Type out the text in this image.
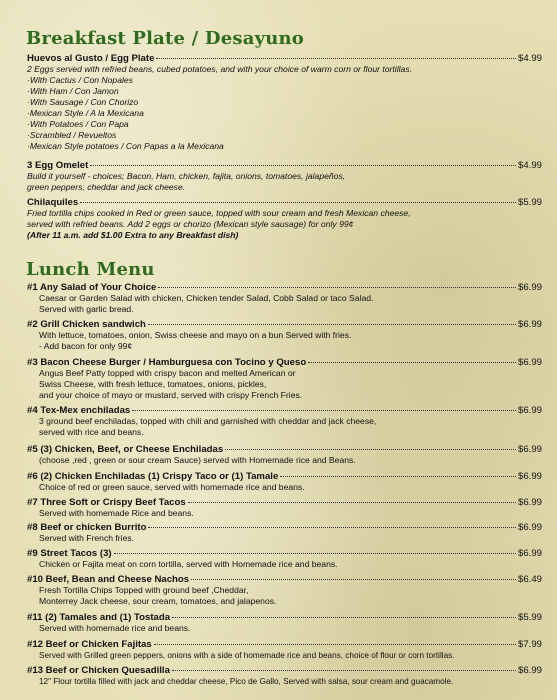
Breakfast Plate / Desayuno
Huevos al Gusto / Egg Plate	$4.99
2 Eggs served with refried beans, cubed potatoes, and with your choice of warm corn or flour tortillas.
·With Cactus / Con Nopales
·With Ham / Con Jamon
·With Sausage / Con Chorizo
·Mexican Style / A la Mexicana
·With Potatoes / Con Papa
·Scrambled / Revueltos
·Mexican Style potatoes / Con Papas a la Mexicana
3 Egg Omelet	$4.99
Build it yourself - choices; Bacon, Ham, chicken, fajita, onions, tomatoes, jalapeños,
green peppers, cheddar and jack cheese.
Chilaquiles	$5.99
Fried tortilla chips cooked in Red or green sauce, topped with sour cream and fresh Mexican cheese,
served with refried beans. Add 2 eggs or chorizo (Mexican style sausage) for only 99¢
(After 11 a.m. add $1.00 Extra to any Breakfast dish)
Lunch Menu
#1 Any Salad of Your Choice	$6.99
Caesar or Garden Salad with chicken, Chicken tender Salad, Cobb Salad or taco Salad.
Served with garlic bread.
#2 Grill Chicken sandwich	$6.99
With lettuce, tomatoes, onion, Swiss cheese and mayo on a bun Served with fries.
- Add bacon for only 99¢
#3 Bacon Cheese Burger / Hamburguesa con Tocino y Queso	$6.99
Angus Beef Patty topped with crispy bacon and melted American or
Swiss Cheese, with fresh lettuce, tomatoes, onions, pickles,
and your choice of mayo or mustard, served with crispy French Fries.
#4 Tex-Mex enchiladas	$6.99
3 ground beef enchiladas, topped with chili and garnished with cheddar and jack cheese,
served with rice and beans.
#5 (3) Chicken, Beef, or Cheese Enchiladas	$6.99
(choose ,red , green or sour cream Sauce) served with Homemade rice and Beans.
#6 (2) Chicken Enchiladas (1) Crispy Taco or (1) Tamale	$6.99
Choice of red or green sauce, served with homemade rice and beans.
#7 Three Soft or Crispy Beef Tacos	$6.99
Served with homemade Rice and beans.
#8 Beef or chicken Burrito	$6.99
Served with French fries.
#9 Street Tacos (3)	$6.99
Chicken or Fajita meat on corn tortilla, served with Homemade rice and beans.
#10 Beef, Bean and Cheese Nachos	$6.49
Fresh Tortilla Chips Topped with ground beef ,Cheddar,
Monterrey Jack cheese, sour cream, tomatoes, and jalapenos.
#11 (2) Tamales and (1) Tostada	$5.99
Served with homemade rice and beans.
#12 Beef or Chicken Fajitas	$7.99
Served with Grilled green peppers, onions with a side of homemade rice and beans, choice of flour or corn tortillas.
#13 Beef or Chicken Quesadilla	$6.99
12" Flour tortilla filled with jack and cheddar cheese, Pico de Gallo, Served with salsa, sour cream and guacamole.
